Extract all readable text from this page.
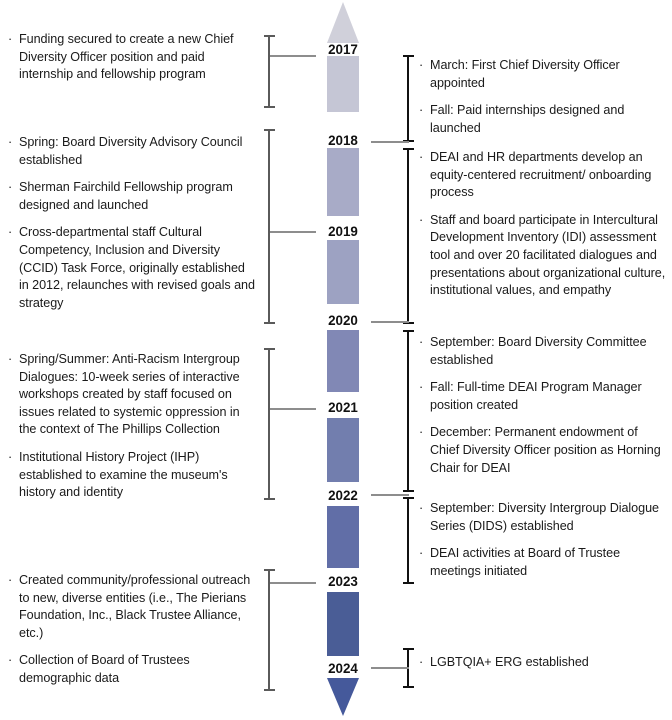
2017
2018
2019
2020
2021
2022
2023
2024
· Funding secured to create a new Chief Diversity Officer position and paid internship and fellowship program
· Spring: Board Diversity Advisory Council established
· Sherman Fairchild Fellowship program designed and launched
· Cross-departmental staff Cultural Competency, Inclusion and Diversity (CCID) Task Force, originally established in 2012, relaunches with revised goals and strategy
· Spring/Summer: Anti-Racism Intergroup Dialogues: 10-week series of interactive workshops created by staff focused on issues related to systemic oppression in the context of The Phillips Collection
· Institutional History Project (IHP) established to examine the museum's history and identity
· Created community/professional outreach to new, diverse entities (i.e., The Pierians Foundation, Inc., Black Trustee Alliance, etc.)
· Collection of Board of Trustees demographic data
· March: First Chief Diversity Officer appointed
· Fall: Paid internships designed and launched
· DEAI and HR departments develop an equity-centered recruitment/ onboarding process
· Staff and board participate in Intercultural Development Inventory (IDI) assessment tool and over 20 facilitated dialogues and presentations about organizational culture, institutional values, and empathy
· September: Board Diversity Committee established
· Fall: Full-time DEAI Program Manager position created
· December: Permanent endowment of Chief Diversity Officer position as Horning Chair for DEAI
· September: Diversity Intergroup Dialogue Series (DIDS) established
· DEAI activities at Board of Trustee meetings initiated
· LGBTQIA+ ERG established
